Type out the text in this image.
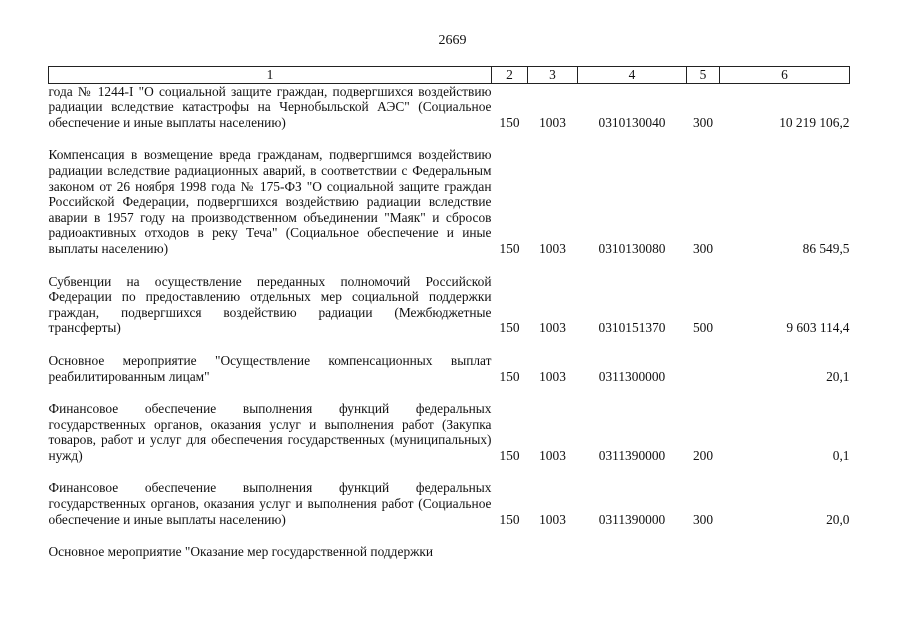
2669
1	2	3	4	5	6

года № 1244-I "О социальной защите граждан, подвергшихся воздействию радиации вследствие катастрофы на Чернобыльской АЭС" (Социальное обеспечение и иные выплаты населению)	150	1003	0310130040	300	10 219 106,2

Компенсация в возмещение вреда гражданам, подвергшимся воздействию радиации вследствие радиационных аварий, в соответствии с Федеральным законом от 26 ноября 1998 года № 175-ФЗ "О социальной защите граждан Российской Федерации, подвергшихся воздействию радиации вследствие аварии в 1957 году на производственном объединении "Маяк" и сбросов радиоактивных отходов в реку Теча" (Социальное обеспечение и иные выплаты населению)	150	1003	0310130080	300	86 549,5

Субвенции на осуществление переданных полномочий Российской Федерации по предоставлению отдельных мер социальной поддержки граждан, подвергшихся воздействию радиации (Межбюджетные трансферты)	150	1003	0310151370	500	9 603 114,4

Основное мероприятие "Осуществление компенсационных выплат реабилитированным лицам"	150	1003	0311300000		20,1

Финансовое обеспечение выполнения функций федеральных государственных органов, оказания услуг и выполнения работ (Закупка товаров, работ и услуг для обеспечения государственных (муниципальных) нужд)	150	1003	0311390000	200	0,1

Финансовое обеспечение выполнения функций федеральных государственных органов, оказания услуг и выполнения работ (Социальное обеспечение и иные выплаты населению)	150	1003	0311390000	300	20,0

Основное мероприятие "Оказание мер государственной поддержки					
